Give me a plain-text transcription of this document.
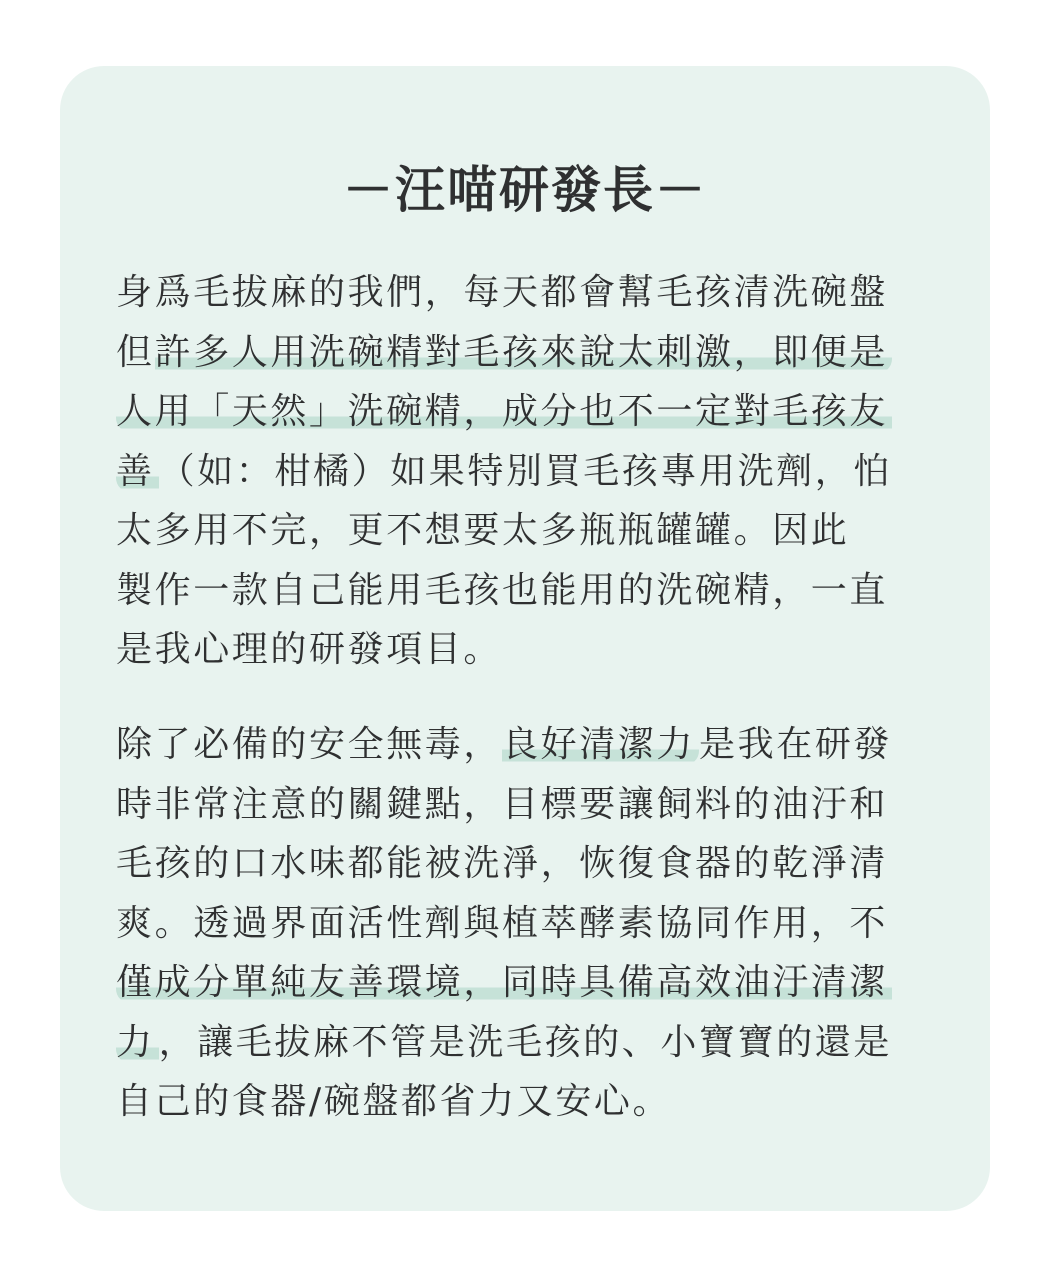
－汪喵研發長－
身爲毛拔麻的我們，每天都會幫毛孩清洗碗盤
但許多人用洗碗精對毛孩來說太刺激，即便是
人用「天然」洗碗精，成分也不一定對毛孩友
善 （如：柑橘）如果特別買毛孩專用洗劑，怕
太多用不完，更不想要太多瓶瓶罐罐。因此
製作一款自己能用毛孩也能用的洗碗精，一直
是我心理的研發項目。
除了必備的安全無毒，良好清潔力 是我在研發
時非常注意的關鍵點，目標要讓飼料的油汙和
毛孩的口水味都能被洗淨，恢復食器的乾淨清
爽。透過界面活性劑與植萃酵素協同作用，不
僅成分單純友善環境，同時具備高效油汙清潔
力 ，讓毛拔麻不管是洗毛孩的、小寶寶的還是
自己的食器/碗盤都省力又安心。
